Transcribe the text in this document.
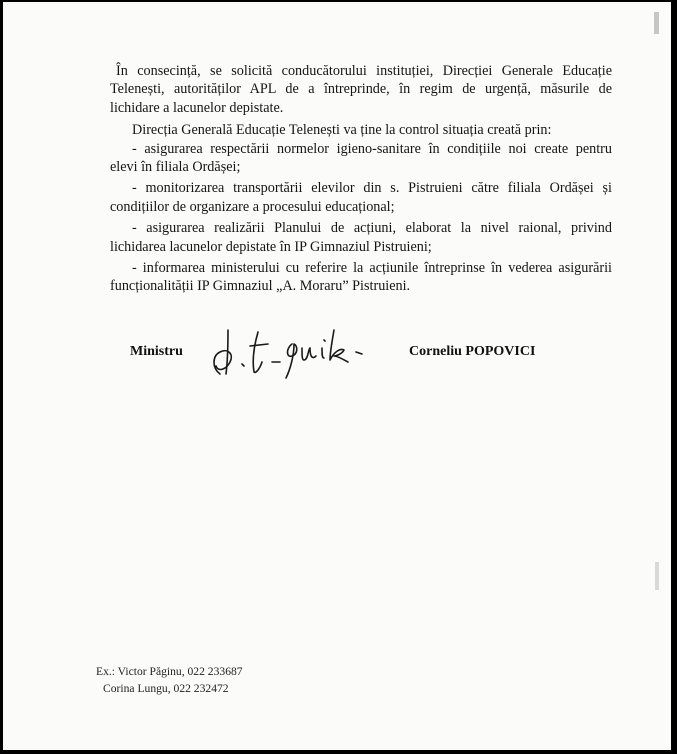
În consecință, se solicită conducătorului instituției, Direcției Generale Educație
Telenești, autorităților APL de a întreprinde, în regim de urgență, măsurile de
lichidare a lacunelor depistate.

Direcția Generală Educație Telenești va ține la control situația creată prin:

- asigurarea respectării normelor igieno-sanitare în condițiile noi create pentru
elevi în filiala Ordășei;
- monitorizarea transportării elevilor din s. Pistruieni către filiala Ordășei și
condițiilor de organizare a procesului educațional;
- asigurarea realizării Planului de acțiuni, elaborat la nivel raional, privind
lichidarea lacunelor depistate în IP Gimnaziul Pistruieni;
- informarea ministerului cu referire la acțiunile întreprinse în vederea asigurării
funcționalității IP Gimnaziul „A. Moraru” Pistruieni.
Ministru	Corneliu POPOVICI
Ex.: Victor Păginu, 022 233687
Corina Lungu, 022 232472
